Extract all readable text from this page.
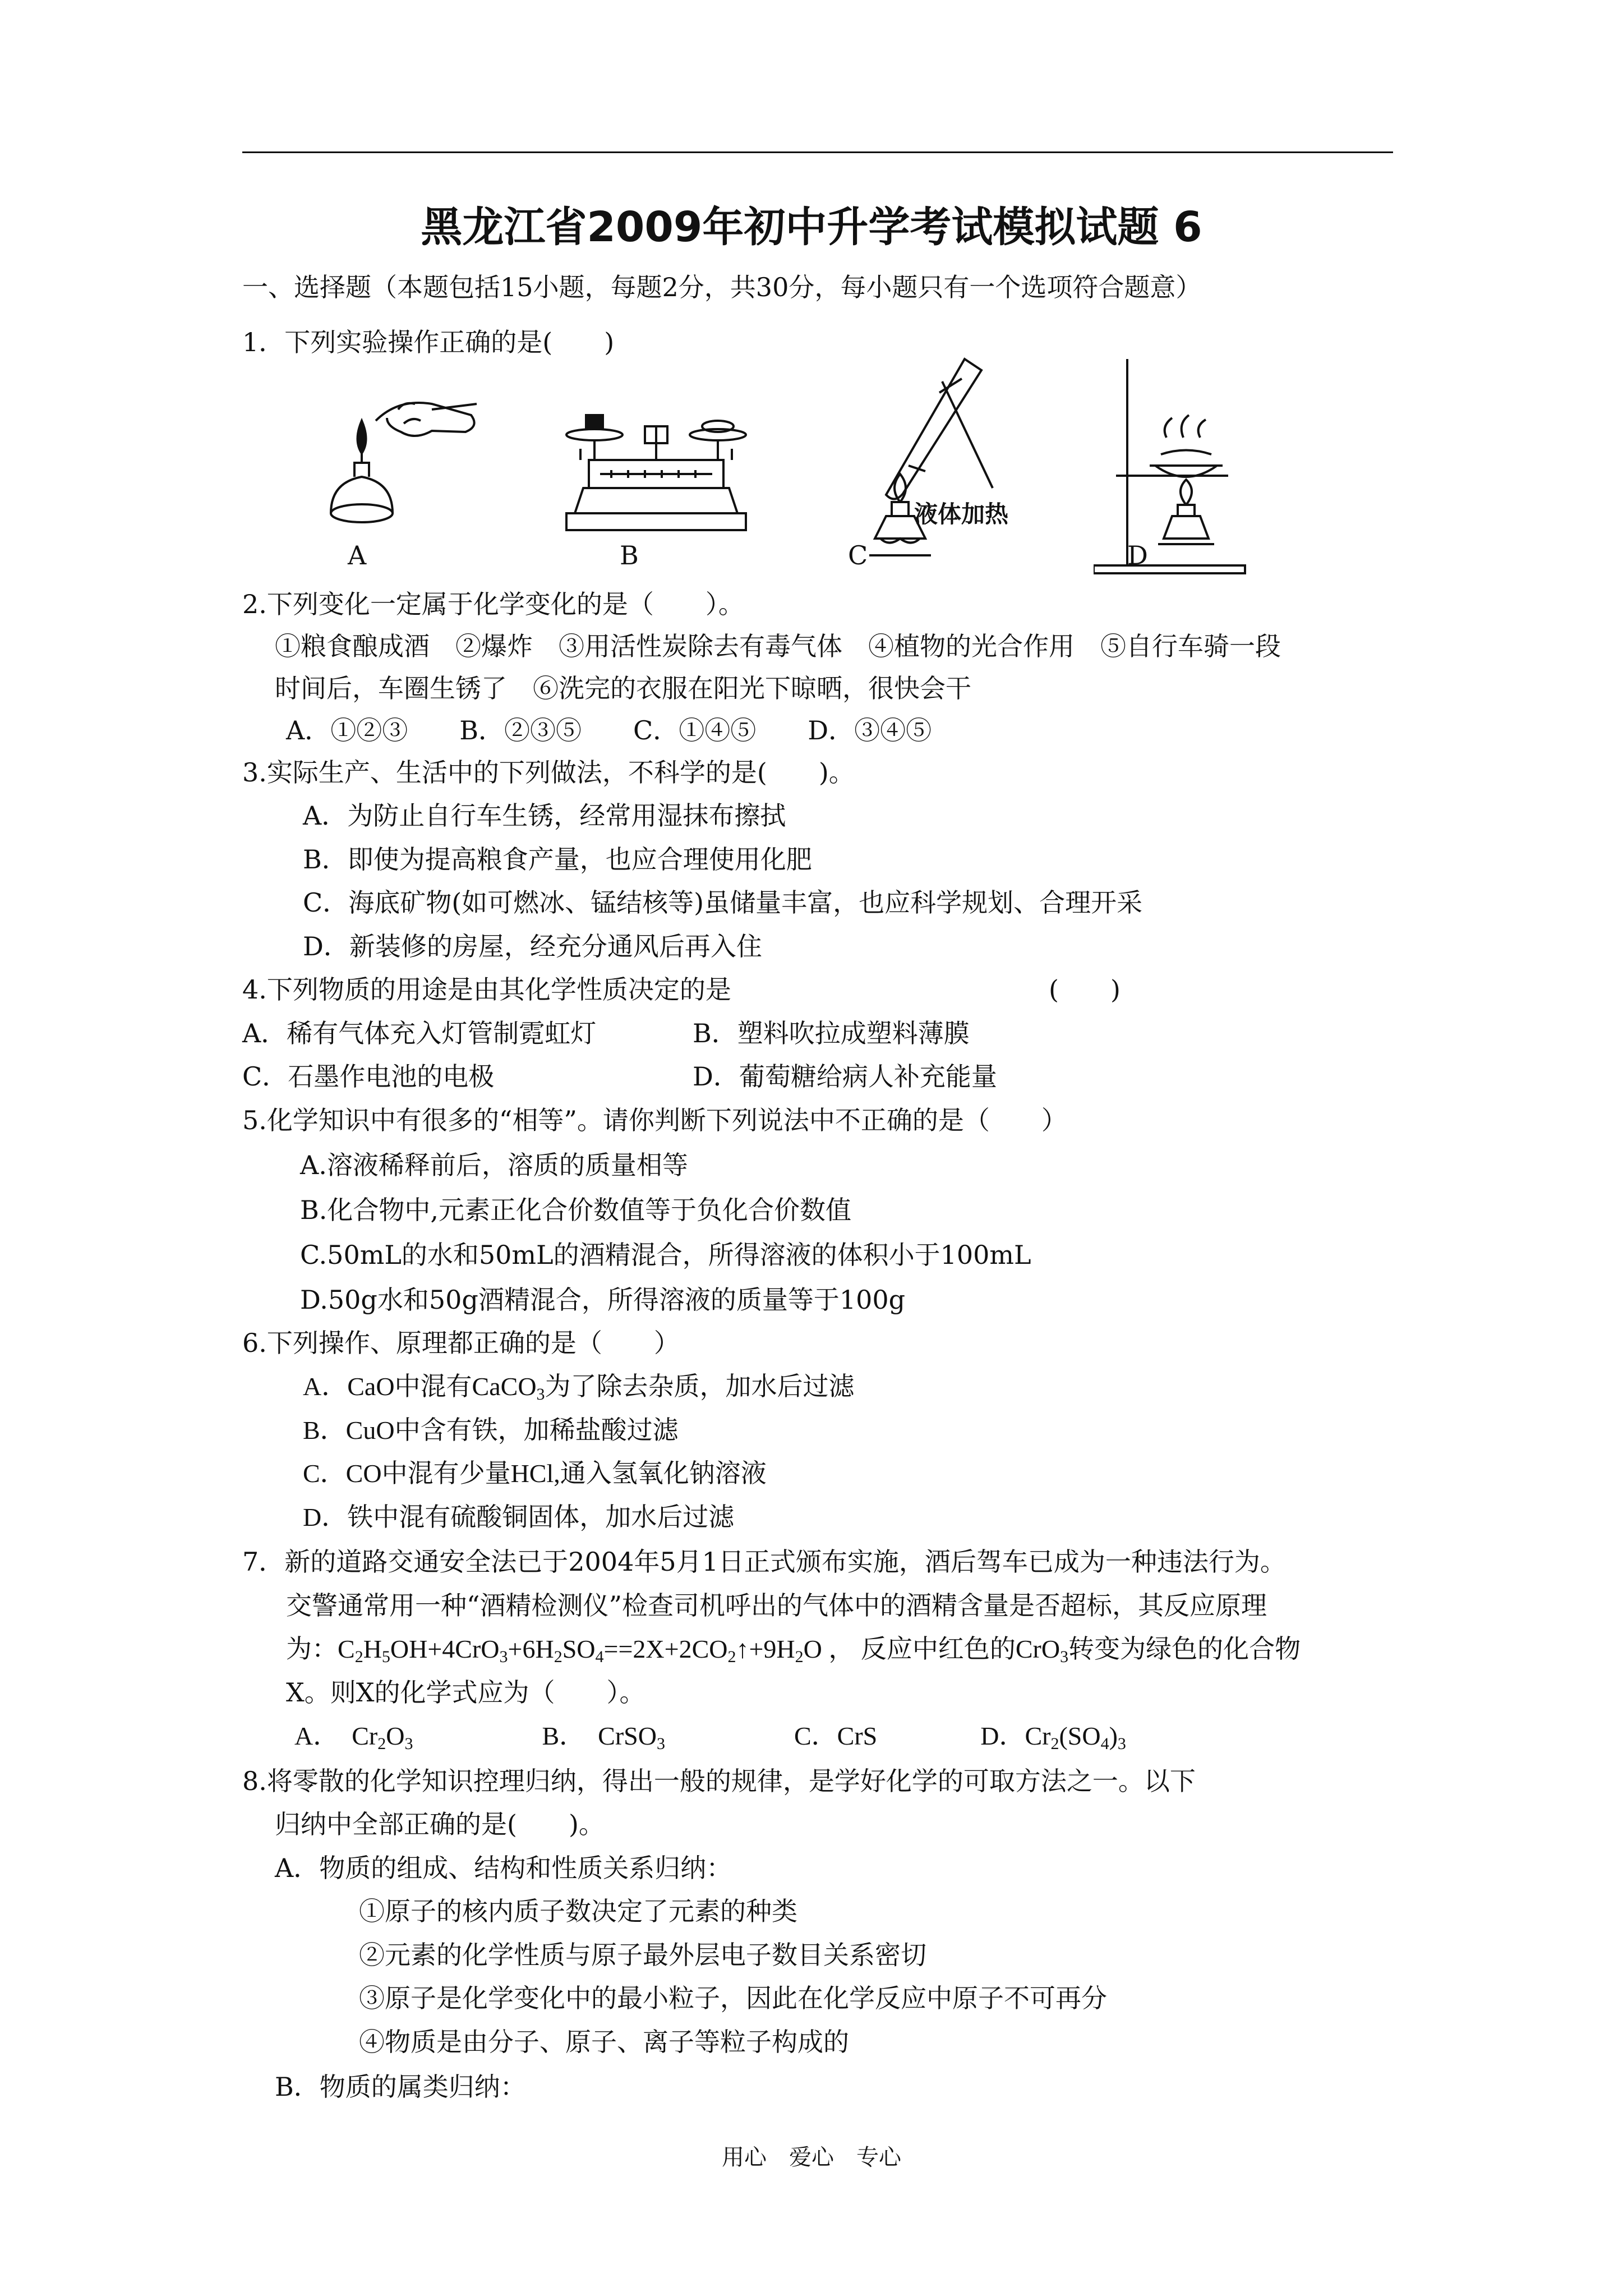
黑龙江省2009年初中升学考试模拟试题 6
一、选择题（本题包括15小题，每题2分，共30分，每小题只有一个选项符合题意）
1．下列实验操作正确的是(　　)
A	B
液体加热
C	D
2.下列变化一定属于化学变化的是（　　）。
①粮食酿成酒　②爆炸　③用活性炭除去有毒气体　④植物的光合作用　⑤自行车骑一段
时间后，车圈生锈了　⑥洗完的衣服在阳光下晾晒，很快会干
A．①②③　　B．②③⑤　　C．①④⑤　　D．③④⑤
3.实际生产、生活中的下列做法，不科学的是(　　)。
A．为防止自行车生锈，经常用湿抹布擦拭
B．即使为提高粮食产量，也应合理使用化肥
C．海底矿物(如可燃冰、锰结核等)虽储量丰富，也应科学规划、合理开采
D．新装修的房屋，经充分通风后再入住
4.下列物质的用途是由其化学性质决定的是	(　　)
A．稀有气体充入灯管制霓虹灯	B．塑料吹拉成塑料薄膜
C．石墨作电池的电极	D．葡萄糖给病人补充能量
5.化学知识中有很多的“相等”。请你判断下列说法中不正确的是（　　）
A.溶液稀释前后，溶质的质量相等
B.化合物中,元素正化合价数值等于负化合价数值
C.50mL的水和50mL的酒精混合，所得溶液的体积小于100mL
D.50g水和50g酒精混合，所得溶液的质量等于100g
6.下列操作、原理都正确的是（　　）
A．CaO中混有CaCO$_3$为了除去杂质，加水后过滤
B．CuO中含有铁，加稀盐酸过滤
C．CO中混有少量HCl,通入氢氧化钠溶液
D．铁中混有硫酸铜固体，加水后过滤
7．新的道路交通安全法已于2004年5月1日正式颁布实施，酒后驾车已成为一种违法行为。
交警通常用一种“酒精检测仪”检查司机呼出的气体中的酒精含量是否超标，其反应原理
为：$C_2H_5OH+4CrO_3+6H_2SO_4==2X+2CO_2↑+9H_2O$ ， 反应中红色的CrO$_3$转变为绿色的化合物
X。则X的化学式应为（　　）。
A．　$Cr_2O_3$　　　　　B．　CrSO$_3$　　　　　C．CrS　　　　D．$Cr_2(SO_4)_3$
8.将零散的化学知识控理归纳，得出一般的规律，是学好化学的可取方法之一。以下
归纳中全部正确的是(　　)。
A．物质的组成、结构和性质关系归纳：
①原子的核内质子数决定了元素的种类
②元素的化学性质与原子最外层电子数目关系密切
③原子是化学变化中的最小粒子，因此在化学反应中原子不可再分
④物质是由分子、原子、离子等粒子构成的
B．物质的属类归纳：
用心　爱心　专心
